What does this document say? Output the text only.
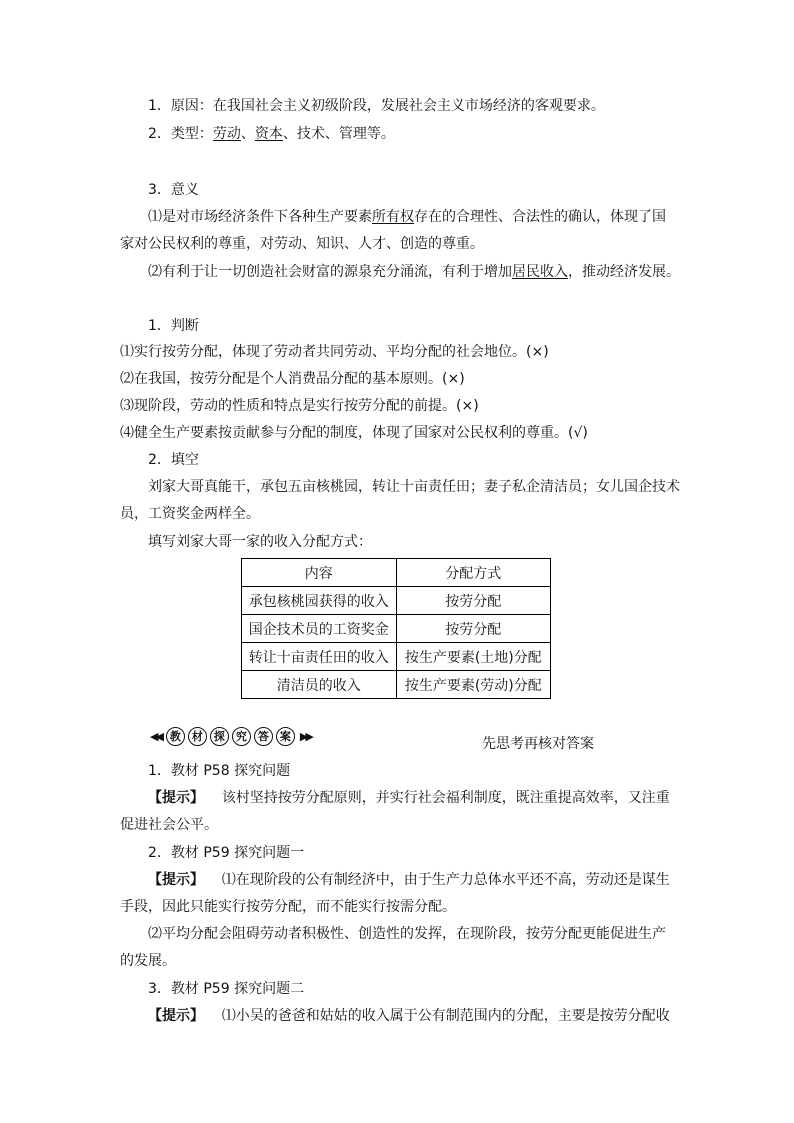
1．原因：在我国社会主义初级阶段，发展社会主义市场经济的客观要求。
2．类型：劳动、资本、技术、管理等。
3．意义
⑴是对市场经济条件下各种生产要素所有权存在的合理性、合法性的确认，体现了国
家对公民权利的尊重，对劳动、知识、人才、创造的尊重。
⑵有利于让一切创造社会财富的源泉充分涌流，有利于增加居民收入，推动经济发展。
1．判断
⑴实行按劳分配，体现了劳动者共同劳动、平均分配的社会地位。(×)
⑵在我国，按劳分配是个人消费品分配的基本原则。(×)
⑶现阶段，劳动的性质和特点是实行按劳分配的前提。(×)
⑷健全生产要素按贡献参与分配的制度，体现了国家对公民权利的尊重。(√)
2．填空
刘家大哥真能干，承包五亩核桃园，转让十亩责任田；妻子私企清洁员；女儿国企技术
员，工资奖金两样全。
填写刘家大哥一家的收入分配方式：
内容	分配方式
承包核桃园获得的收入	按劳分配
国企技术员的工资奖金	按劳分配
转让十亩责任田的收入	按生产要素(土地)分配
清洁员的收入	按生产要素(劳动)分配
◀◀ 教	材	探	究	答	案 ▶▶	先思考再核对答案
1．教材 P58 探究问题
【提示】 该村坚持按劳分配原则，并实行社会福利制度，既注重提高效率，又注重
促进社会公平。
2．教材 P59 探究问题一
【提示】 ⑴在现阶段的公有制经济中，由于生产力总体水平还不高，劳动还是谋生
手段，因此只能实行按劳分配，而不能实行按需分配。
⑵平均分配会阻碍劳动者积极性、创造性的发挥，在现阶段，按劳分配更能促进生产
的发展。
3．教材 P59 探究问题二
【提示】 ⑴小吴的爸爸和姑姑的收入属于公有制范围内的分配，主要是按劳分配收
